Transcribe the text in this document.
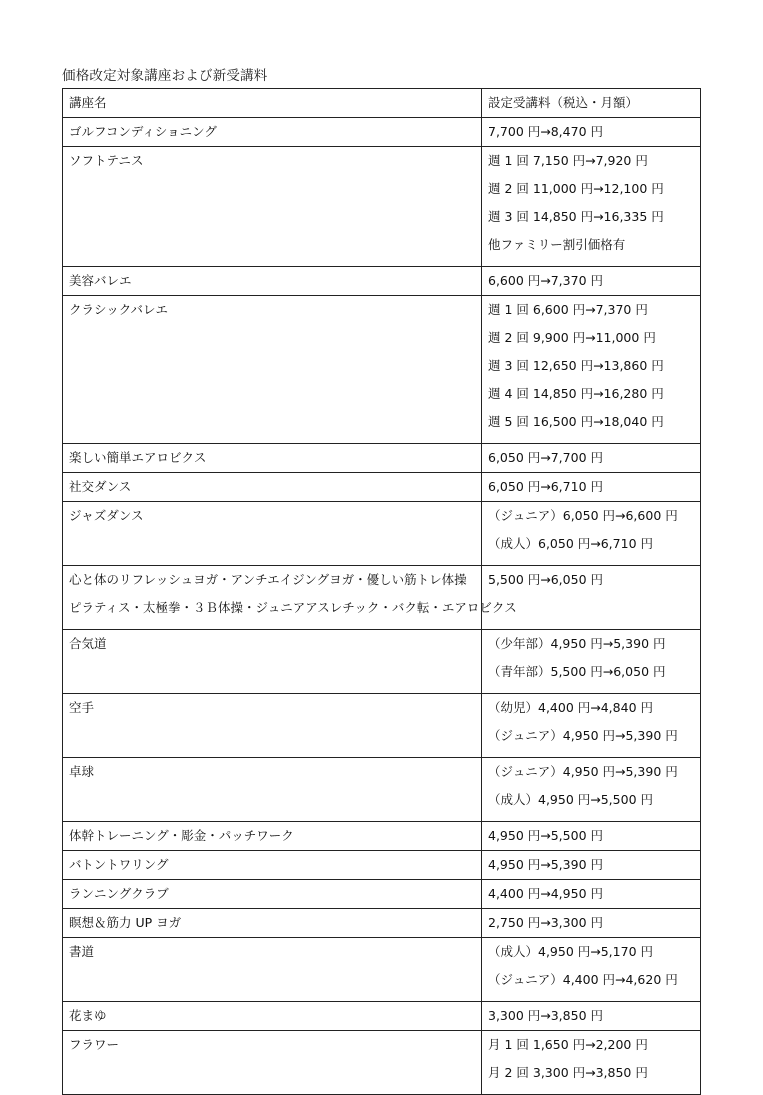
価格改定対象講座および新受講料
講座名	設定受講料（税込・月額）

ゴルフコンディショニング	7,700 円→8,470 円

ソフトテニス	週 1 回 7,150 円→7,920 円
週 2 回 11,000 円→12,100 円
週 3 回 14,850 円→16,335 円
他ファミリー割引価格有

美容バレエ	6,600 円→7,370 円

クラシックバレエ	週 1 回 6,600 円→7,370 円
週 2 回 9,900 円→11,000 円
週 3 回 12,650 円→13,860 円
週 4 回 14,850 円→16,280 円
週 5 回 16,500 円→18,040 円

楽しい簡単エアロビクス	6,050 円→7,700 円

社交ダンス	6,050 円→6,710 円

ジャズダンス	（ジュニア）6,050 円→6,600 円
（成人）6,050 円→6,710 円

心と体のリフレッシュヨガ・アンチエイジングヨガ・優しい筋トレ体操
ピラティス・太極拳・３Ｂ体操・ジュニアアスレチック・バク転・エアロビクス	5,500 円→6,050 円

合気道	（少年部）4,950 円→5,390 円
（青年部）5,500 円→6,050 円

空手	（幼児）4,400 円→4,840 円
（ジュニア）4,950 円→5,390 円

卓球	（ジュニア）4,950 円→5,390 円
（成人）4,950 円→5,500 円

体幹トレーニング・彫金・パッチワーク	4,950 円→5,500 円

バトントワリング	4,950 円→5,390 円

ランニングクラブ	4,400 円→4,950 円

瞑想＆筋力 UP ヨガ	2,750 円→3,300 円

書道	（成人）4,950 円→5,170 円
（ジュニア）4,400 円→4,620 円

花まゆ	3,300 円→3,850 円

フラワー	月 1 回 1,650 円→2,200 円
月 2 回 3,300 円→3,850 円
